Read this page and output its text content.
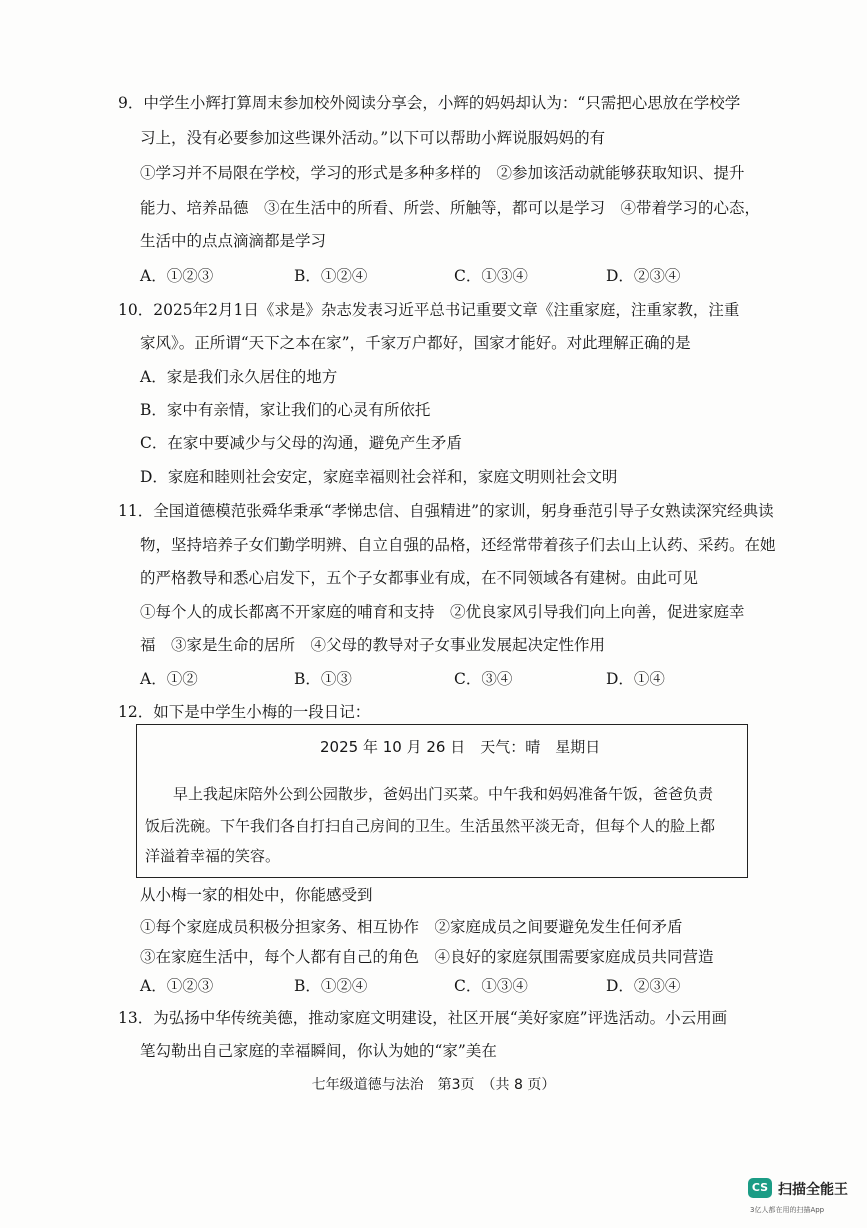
9．中学生小辉打算周末参加校外阅读分享会，小辉的妈妈却认为：“只需把心思放在学校学
习上，没有必要参加这些课外活动。”以下可以帮助小辉说服妈妈的有
①学习并不局限在学校，学习的形式是多种多样的　②参加该活动就能够获取知识、提升
能力、培养品德　③在生活中的所看、所尝、所触等，都可以是学习　④带着学习的心态，
生活中的点点滴滴都是学习
A．①②③	B．①②④	C．①③④	D．②③④
10．2025年2月1日《求是》杂志发表习近平总书记重要文章《注重家庭，注重家教，注重
家风》。正所谓“天下之本在家”，千家万户都好，国家才能好。对此理解正确的是
A．家是我们永久居住的地方
B．家中有亲情，家让我们的心灵有所依托
C．在家中要减少与父母的沟通，避免产生矛盾
D．家庭和睦则社会安定，家庭幸福则社会祥和，家庭文明则社会文明
11．全国道德模范张舜华秉承“孝悌忠信、自强精进”的家训，躬身垂范引导子女熟读深究经典读
物，坚持培养子女们勤学明辨、自立自强的品格，还经常带着孩子们去山上认药、采药。在她
的严格教导和悉心启发下，五个子女都事业有成，在不同领域各有建树。由此可见
①每个人的成长都离不开家庭的哺育和支持　②优良家风引导我们向上向善，促进家庭幸
福　③家是生命的居所　④父母的教导对子女事业发展起决定性作用
A．①②	B．①③	C．③④	D．①④
12．如下是中学生小梅的一段日记：
2025 年 10 月 26 日　天气：晴　星期日
早上我起床陪外公到公园散步，爸妈出门买菜。中午我和妈妈准备午饭，爸爸负责
饭后洗碗。下午我们各自打扫自己房间的卫生。生活虽然平淡无奇，但每个人的脸上都
洋溢着幸福的笑容。
从小梅一家的相处中，你能感受到
①每个家庭成员积极分担家务、相互协作　②家庭成员之间要避免发生任何矛盾
③在家庭生活中，每个人都有自己的角色　④良好的家庭氛围需要家庭成员共同营造
A．①②③	B．①②④	C．①③④	D．②③④
13．为弘扬中华传统美德，推动家庭文明建设，社区开展“美好家庭”评选活动。小云用画
笔勾勒出自己家庭的幸福瞬间，你认为她的“家”美在
七年级道德与法治　第3页　（共 8 页）
CS 扫描全能王
3亿人都在用的扫描App
